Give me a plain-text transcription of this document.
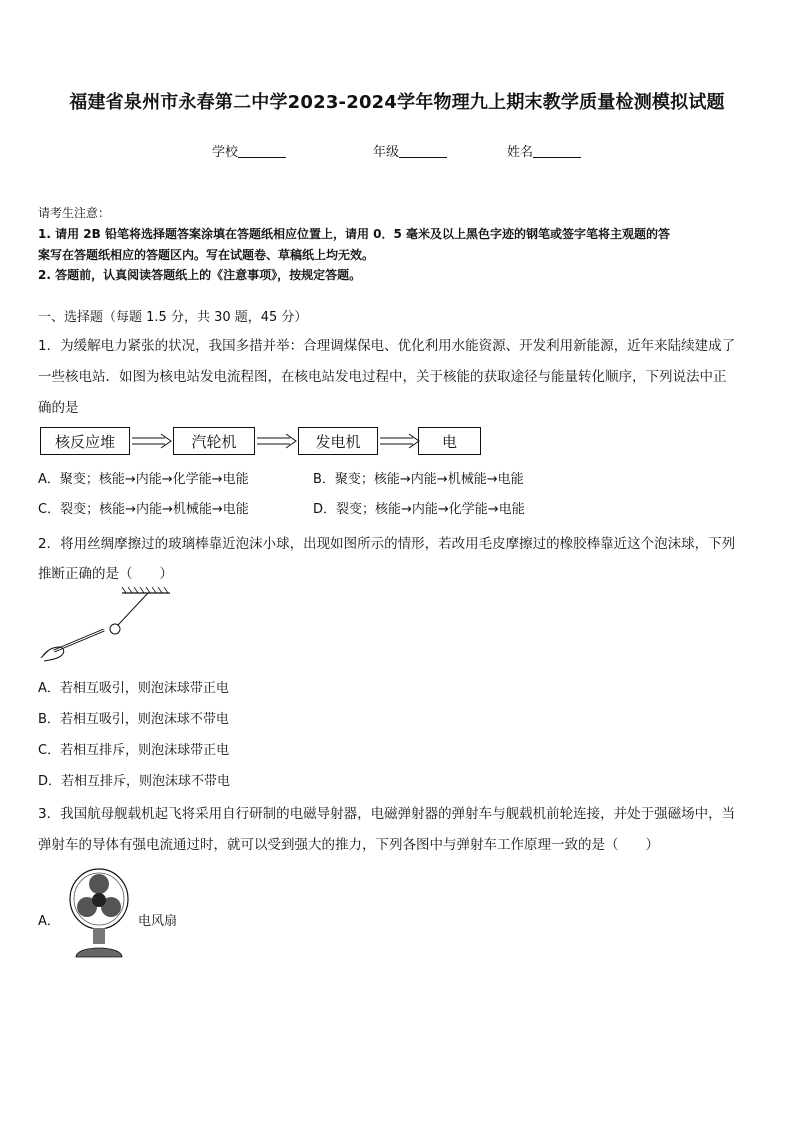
福建省泉州市永春第二中学2023-2024学年物理九上期末教学质量检测模拟试题
学校	年级	姓名
请考生注意：
1. 请用 2B 铅笔将选择题答案涂填在答题纸相应位置上，请用 0．5 毫米及以上黑色字迹的钢笔或签字笔将主观题的答
案写在答题纸相应的答题区内。写在试题卷、草稿纸上均无效。
2. 答题前，认真阅读答题纸上的《注意事项》，按规定答题。
一、选择题（每题 1.5 分，共 30 题，45 分）
1．为缓解电力紧张的状况，我国多措并举：合理调煤保电、优化利用水能资源、开发利用新能源，近年来陆续建成了
一些核电站．如图为核电站发电流程图，在核电站发电过程中，关于核能的获取途径与能量转化顺序，下列说法中正
确的是
核反应堆	汽轮机	发电机	电
A．聚变；核能→内能→化学能→电能	B．聚变；核能→内能→机械能→电能
C．裂变；核能→内能→机械能→电能	D．裂变；核能→内能→化学能→电能
2．将用丝绸摩擦过的玻璃棒靠近泡沫小球，出现如图所示的情形，若改用毛皮摩擦过的橡胶棒靠近这个泡沫球，下列
推断正确的是（　　）
A．若相互吸引，则泡沫球带正电
B．若相互吸引，则泡沫球不带电
C．若相互排斥，则泡沫球带正电
D．若相互排斥，则泡沫球不带电
3．我国航母舰载机起飞将采用自行研制的电磁导射器，电磁弹射器的弹射车与舰载机前轮连接，并处于强磁场中，当
弹射车的导体有强电流通过时，就可以受到强大的推力，下列各图中与弹射车工作原理一致的是（　　）
A．	电风扇
